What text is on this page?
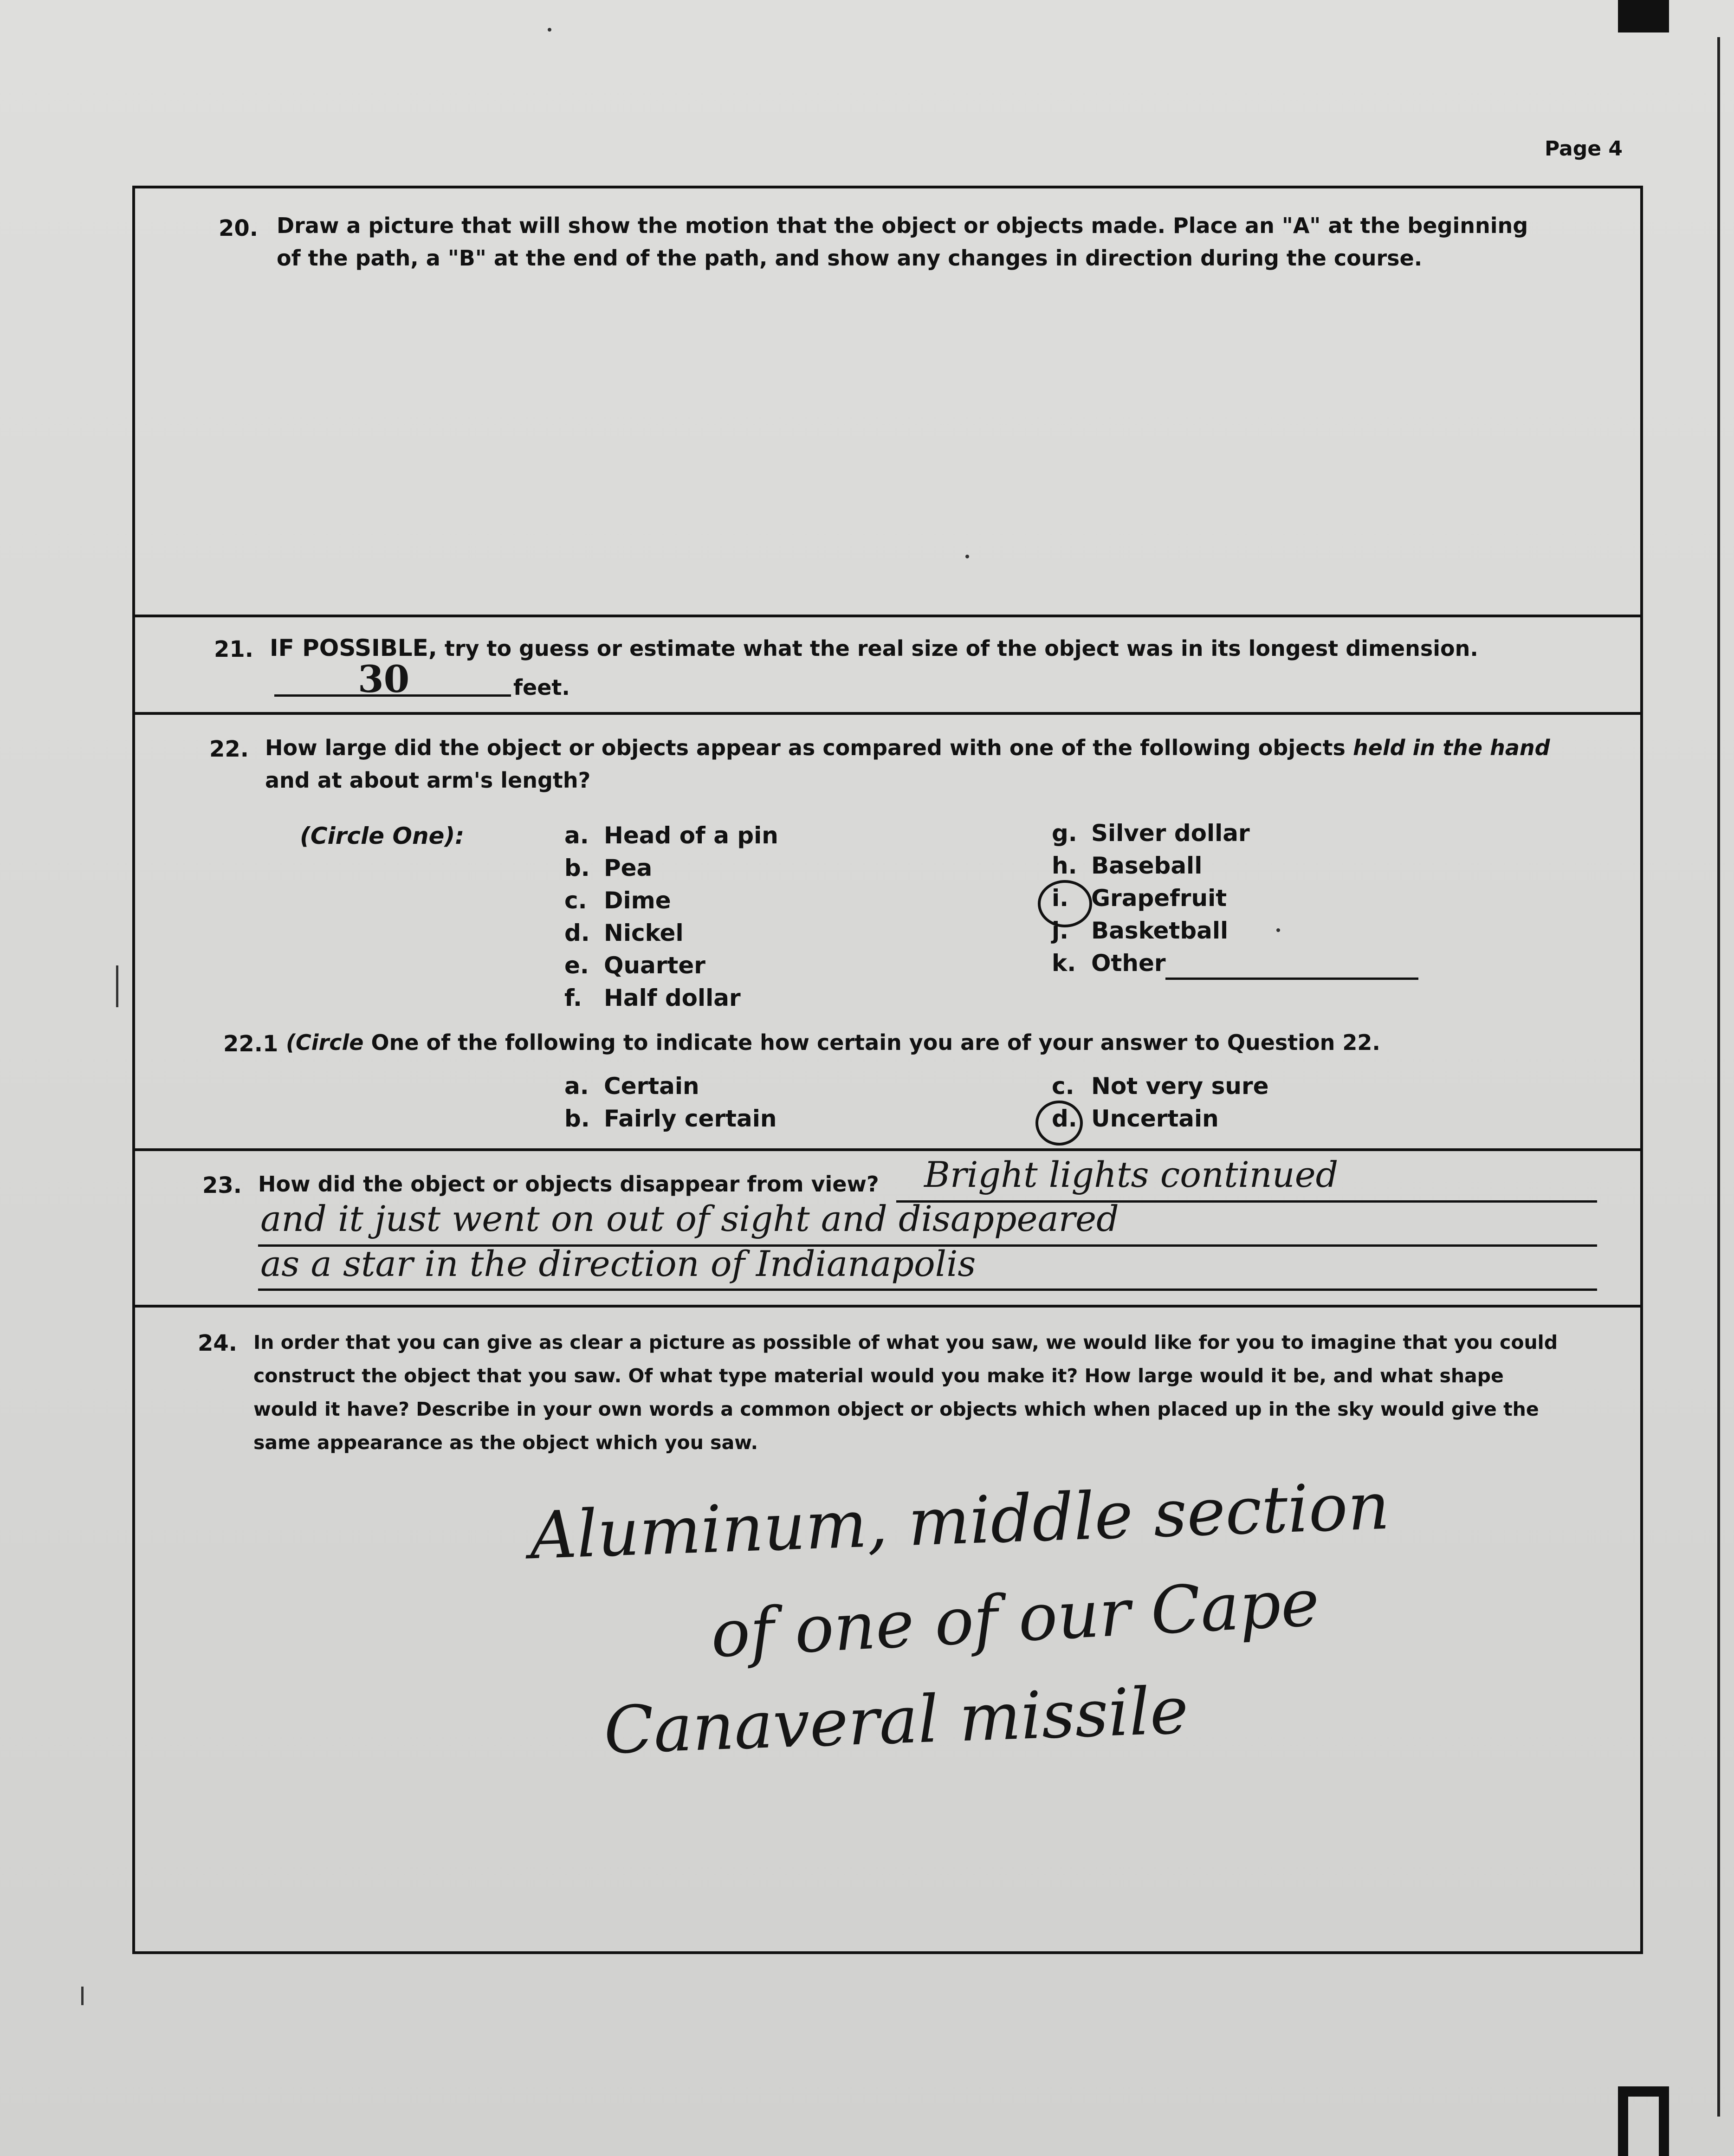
Page 4
20. Draw a picture that will show the motion that the object or objects made. Place an "A" at the beginning
of the path, a "B" at the end of the path, and show any changes in direction during the course.
21. IF POSSIBLE, try to guess or estimate what the real size of the object was in its longest dimension.
30	feet.
22. How large did the object or objects appear as compared with one of the following objects held in the hand
and at about arm's length?
(Circle One):	a. Head of a pin
b. Pea
c. Dime
d. Nickel
e. Quarter
f. Half dollar
g. Silver dollar
h. Baseball
i. Grapefruit
j. Basketball
k. Other
22.1 (Circle One of the following to indicate how certain you are of your answer to Question 22.
a. Certain
b. Fairly certain
c. Not very sure
d. Uncertain
23. How did the object or objects disappear from view? Bright lights continued
and it just went on out of sight and disappeared
as a star in the direction of Indianapolis
24. In order that you can give as clear a picture as possible of what you saw, we would like for you to imagine that you could
construct the object that you saw. Of what type material would you make it? How large would it be, and what shape
would it have? Describe in your own words a common object or objects which when placed up in the sky would give the
same appearance as the object which you saw.
Aluminum, middle section
of one of our Cape
Canaveral missile
